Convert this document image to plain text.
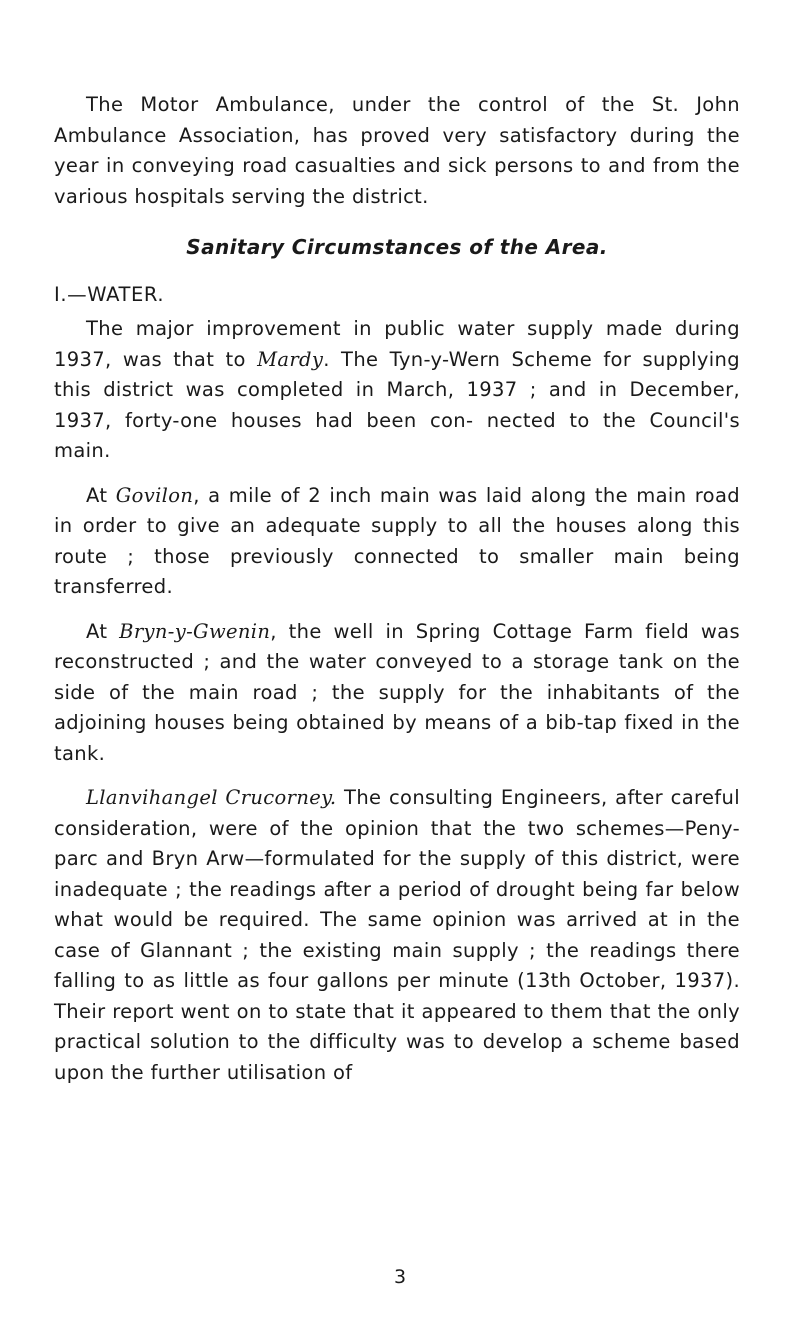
The Motor Ambulance, under the control of the St. John Ambulance Association, has proved very satisfactory during the year in conveying road casualties and sick persons to and from the various hospitals serving the district.

Sanitary Circumstances of the Area.

I.—WATER.

The major improvement in public water supply made during 1937, was that to Mardy. The Tyn-y-Wern Scheme for supplying this district was completed in March, 1937 ; and in December, 1937, forty-one houses had been con- nected to the Council's main.

At Govilon, a mile of 2 inch main was laid along the main road in order to give an adequate supply to all the houses along this route ; those previously connected to smaller main being transferred.

At Bryn-y-Gwenin, the well in Spring Cottage Farm field was reconstructed ; and the water conveyed to a storage tank on the side of the main road ; the supply for the inhabitants of the adjoining houses being obtained by means of a bib-tap fixed in the tank.

Llanvihangel Crucorney. The consulting Engineers, after careful consideration, were of the opinion that the two schemes—Peny-parc and Bryn Arw—formulated for the supply of this district, were inadequate ; the readings after a period of drought being far below what would be required. The same opinion was arrived at in the case of Glannant ; the existing main supply ; the readings there falling to as little as four gallons per minute (13th October, 1937). Their report went on to state that it appeared to them that the only practical solution to the difficulty was to develop a scheme based upon the further utilisation of

3
